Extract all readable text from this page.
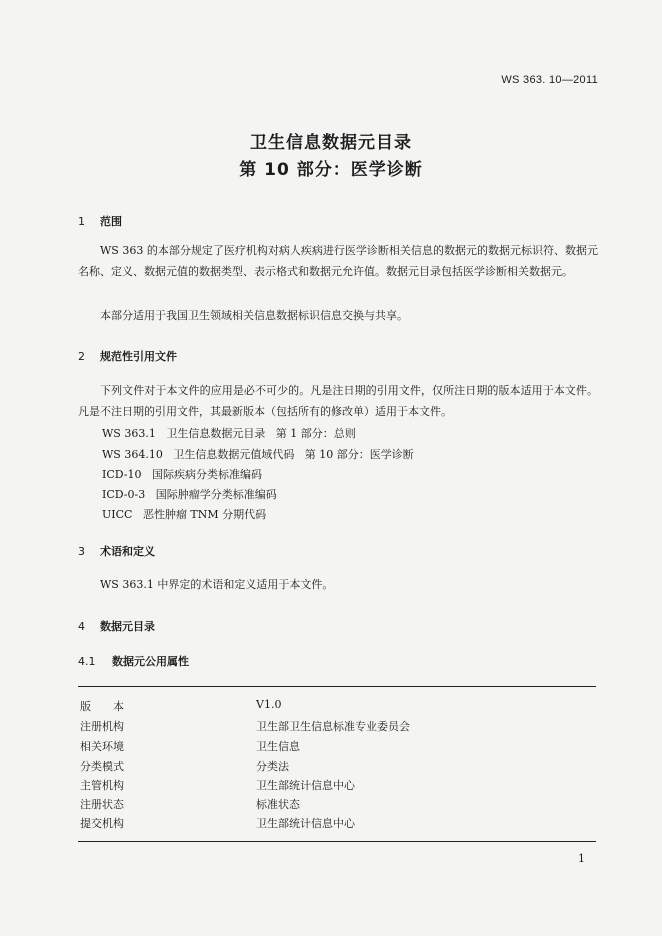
WS 363. 10—2011
卫生信息数据元目录
第 10 部分：医学诊断
1 范围
WS 363 的本部分规定了医疗机构对病人疾病进行医学诊断相关信息的数据元的数据元标识符、数据元名称、定义、数据元值的数据类型、表示格式和数据元允许值。数据元目录包括医学诊断相关数据元。
本部分适用于我国卫生领域相关信息数据标识信息交换与共享。
2 规范性引用文件
下列文件对于本文件的应用是必不可少的。凡是注日期的引用文件，仅所注日期的版本适用于本文件。凡是不注日期的引用文件，其最新版本（包括所有的修改单）适用于本文件。
WS 363.1   卫生信息数据元目录   第 1 部分：总则
WS 364.10   卫生信息数据元值域代码   第 10 部分：医学诊断
ICD-10   国际疾病分类标准编码
ICD-0-3   国际肿瘤学分类标准编码
UICC   恶性肿瘤 TNM 分期代码
3 术语和定义
WS 363.1 中界定的术语和定义适用于本文件。
4 数据元目录
4.1 数据元公用属性
版　　本	V1.0
注册机构	卫生部卫生信息标准专业委员会
相关环境	卫生信息
分类模式	分类法
主管机构	卫生部统计信息中心
注册状态	标准状态
提交机构	卫生部统计信息中心
1
